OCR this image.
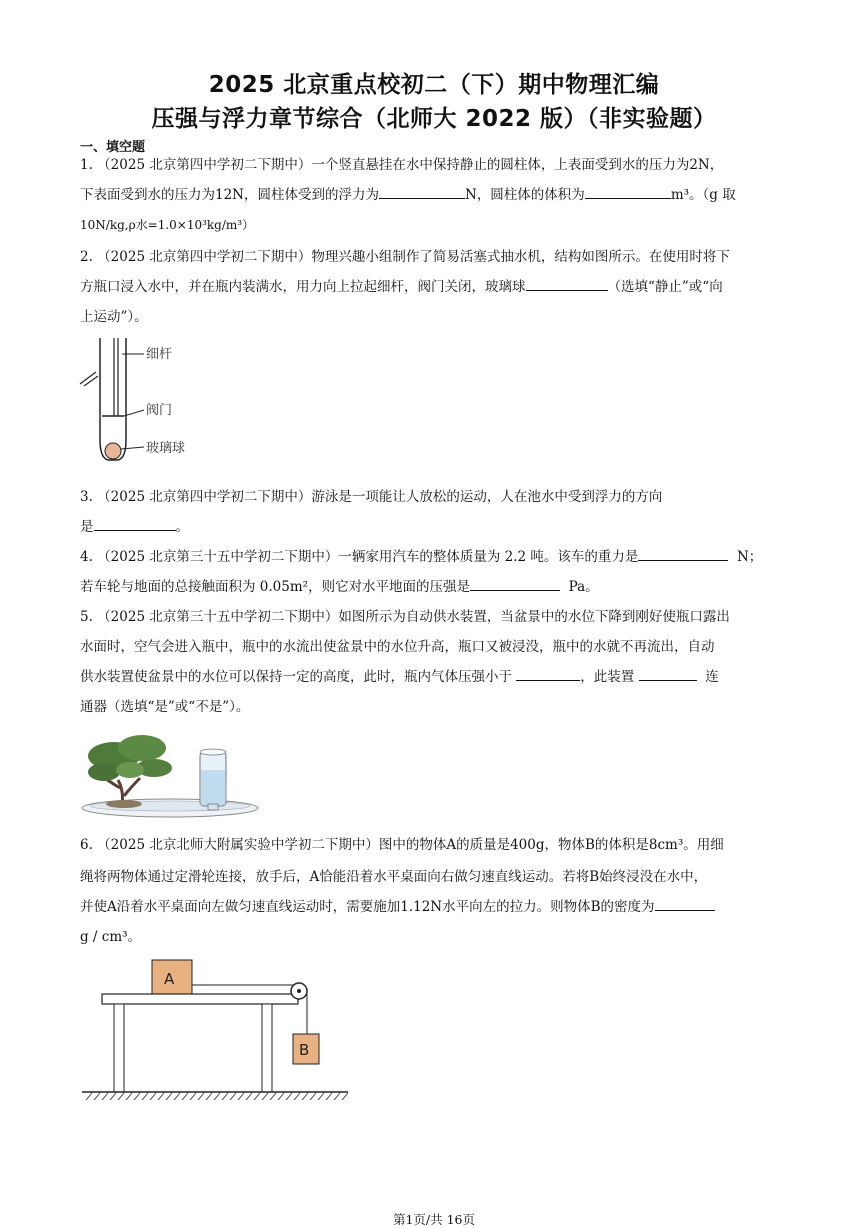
2025 北京重点校初二（下）期中物理汇编
压强与浮力章节综合（北师大 2022 版）（非实验题）
一、填空题
1. （2025 北京第四中学初二下期中）一个竖直悬挂在水中保持静止的圆柱体，上表面受到水的压力为2N，
下表面受到水的压力为12N，圆柱体受到的浮力为	N，圆柱体的体积为	m³。（g 取
10N/kg,ρ水=1.0×10³kg/m³）
2. （2025 北京第四中学初二下期中）物理兴趣小组制作了简易活塞式抽水机，结构如图所示。在使用时将下
方瓶口浸入水中，并在瓶内装满水，用力向上拉起细杆，阀门关闭，玻璃球	（选填“静止”或“向
上运动”）。
细杆
阀门
玻璃球
3. （2025 北京第四中学初二下期中）游泳是一项能让人放松的运动，人在池水中受到浮力的方向
是	。
4. （2025 北京第三十五中学初二下期中）一辆家用汽车的整体质量为 2.2 吨。该车的重力是	N；
若车轮与地面的总接触面积为 0.05m²，则它对水平地面的压强是	Pa。
5. （2025 北京第三十五中学初二下期中）如图所示为自动供水装置，当盆景中的水位下降到刚好使瓶口露出
水面时，空气会进入瓶中，瓶中的水流出使盆景中的水位升高，瓶口又被浸没，瓶中的水就不再流出，自动
供水装置使盆景中的水位可以保持一定的高度，此时，瓶内气体压强小于	，此装置	连
通器（选填“是”或“不是”）。
6. （2025 北京北师大附属实验中学初二下期中）图中的物体A的质量是400g，物体B的体积是8cm³。用细
绳将两物体通过定滑轮连接，放手后，A恰能沿着水平桌面向右做匀速直线运动。若将B始终浸没在水中，
并使A沿着水平桌面向左做匀速直线运动时，需要施加1.12N水平向左的拉力。则物体B的密度为
g / cm³。
A
B
第1页/共 16页
